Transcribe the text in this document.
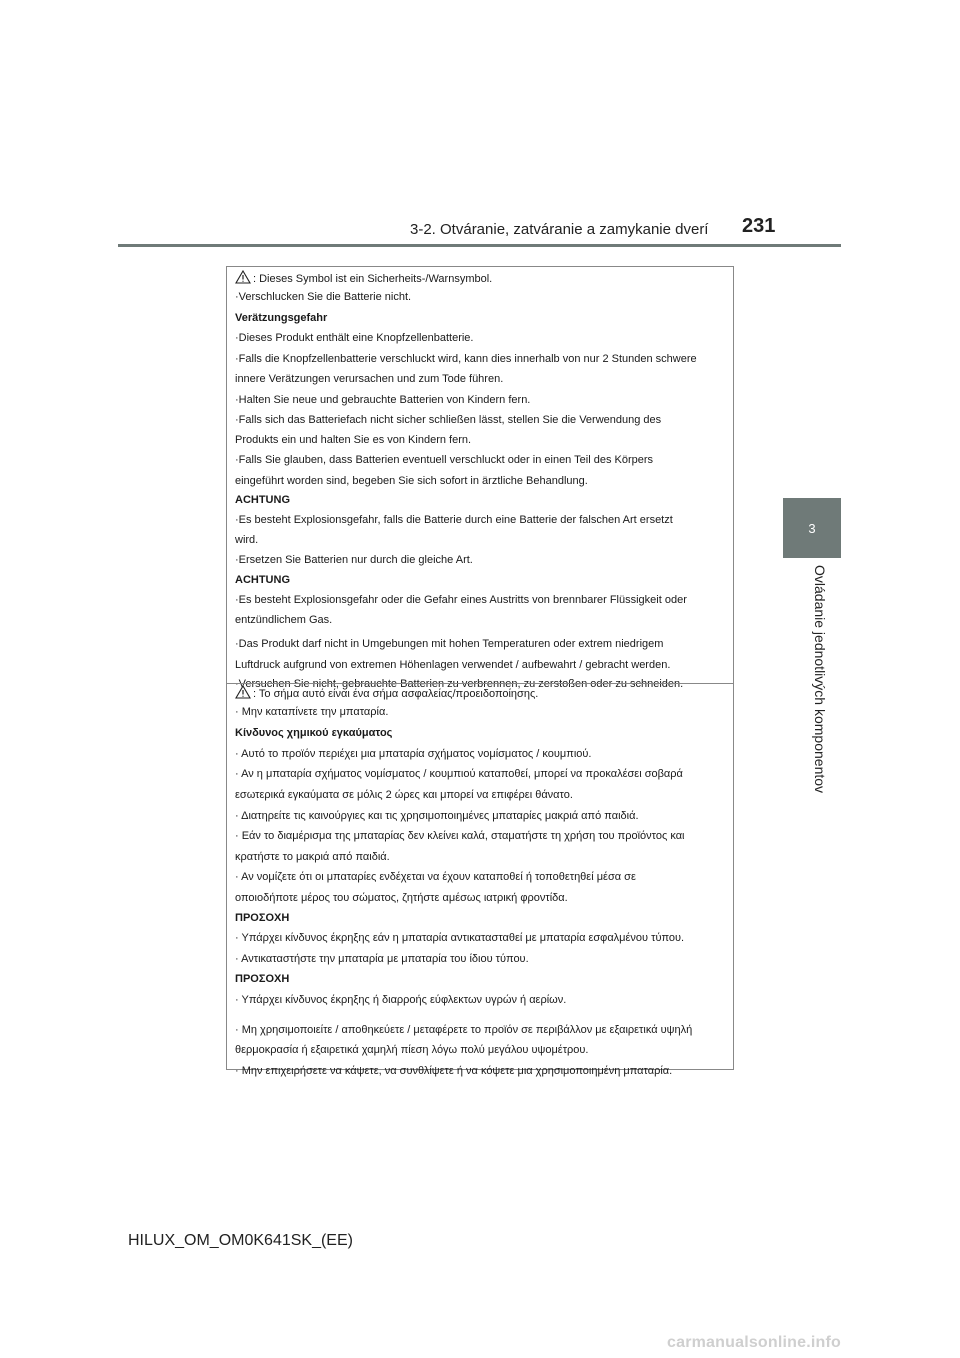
3-2. Otváranie, zatváranie a zamykanie dverí 231
3
Ovládanie jednotlivých komponentov
: Dieses Symbol ist ein Sicherheits-/Warnsymbol.
·Verschlucken Sie die Batterie nicht.
Verätzungsgefahr
·Dieses Produkt enthält eine Knopfzellenbatterie.
·Falls die Knopfzellenbatterie verschluckt wird, kann dies innerhalb von nur 2 Stunden schwere
innere Verätzungen verursachen und zum Tode führen.
·Halten Sie neue und gebrauchte Batterien von Kindern fern.
·Falls sich das Batteriefach nicht sicher schließen lässt, stellen Sie die Verwendung des
Produkts ein und halten Sie es von Kindern fern.
·Falls Sie glauben, dass Batterien eventuell verschluckt oder in einen Teil des Körpers
eingeführt worden sind, begeben Sie sich sofort in ärztliche Behandlung.
ACHTUNG
·Es besteht Explosionsgefahr, falls die Batterie durch eine Batterie der falschen Art ersetzt
wird.
·Ersetzen Sie Batterien nur durch die gleiche Art.
ACHTUNG
·Es besteht Explosionsgefahr oder die Gefahr eines Austritts von brennbarer Flüssigkeit oder
entzündlichem Gas.
·Das Produkt darf nicht in Umgebungen mit hohen Temperaturen oder extrem niedrigem
Luftdruck aufgrund von extremen Höhenlagen verwendet / aufbewahrt / gebracht werden.
·Versuchen Sie nicht, gebrauchte Batterien zu verbrennen, zu zerstoßen oder zu schneiden.
: Το σήμα αυτό είναι ένα σήμα ασφαλείας/προειδοποίησης.
· Μην καταπίνετε την μπαταρία.
Κίνδυνος χημικού εγκαύματος
· Αυτό το προϊόν περιέχει μια μπαταρία σχήματος νομίσματος / κουμπιού.
· Αν η μπαταρία σχήματος νομίσματος / κουμπιού καταποθεί, μπορεί να προκαλέσει σοβαρά
εσωτερικά εγκαύματα σε μόλις 2 ώρες και μπορεί να επιφέρει θάνατο.
· Διατηρείτε τις καινούργιες και τις χρησιμοποιημένες μπαταρίες μακριά από παιδιά.
· Εάν το διαμέρισμα της μπαταρίας δεν κλείνει καλά, σταματήστε τη χρήση του προϊόντος και
κρατήστε το μακριά από παιδιά.
· Αν νομίζετε ότι οι μπαταρίες ενδέχεται να έχουν καταποθεί ή τοποθετηθεί μέσα σε
οποιοδήποτε μέρος του σώματος, ζητήστε αμέσως ιατρική φροντίδα.
ΠΡΟΣΟΧΗ
· Υπάρχει κίνδυνος έκρηξης εάν η μπαταρία αντικατασταθεί με μπαταρία εσφαλμένου τύπου.
· Αντικαταστήστε την μπαταρία με μπαταρία του ίδιου τύπου.
ΠΡΟΣΟΧΗ
· Υπάρχει κίνδυνος έκρηξης ή διαρροής εύφλεκτων υγρών ή αερίων.
· Μη χρησιμοποιείτε / αποθηκεύετε / μεταφέρετε το προϊόν σε περιβάλλον με εξαιρετικά υψηλή
θερμοκρασία ή εξαιρετικά χαμηλή πίεση λόγω πολύ μεγάλου υψομέτρου.
· Μην επιχειρήσετε να κάψετε, να συνθλίψετε ή να κόψετε μια χρησιμοποιημένη μπαταρία.
HILUX_OM_OM0K641SK_(EE)
carmanualsonline.info
